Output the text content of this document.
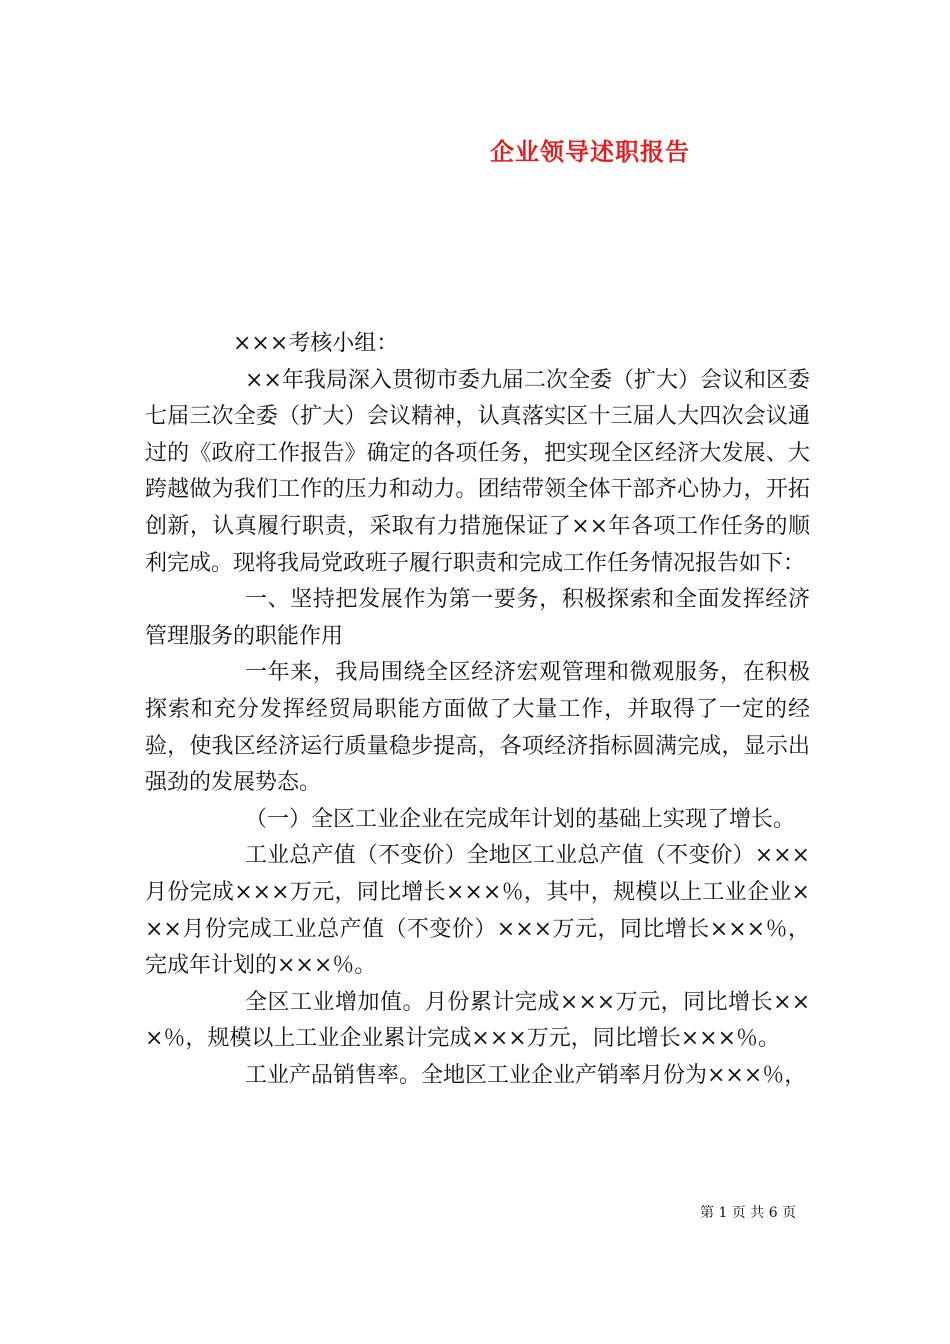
企业领导述职报告

×××考核小组：

××年我局深入贯彻市委九届二次全委（扩大）会议和区委七届三次全委（扩大）会议精神，认真落实区十三届人大四次会议通过的《政府工作报告》确定的各项任务，把实现全区经济大发展、大跨越做为我们工作的压力和动力。团结带领全体干部齐心协力，开拓创新，认真履行职责，采取有力措施保证了××年各项工作任务的顺利完成。现将我局党政班子履行职责和完成工作任务情况报告如下：

一、坚持把发展作为第一要务，积极探索和全面发挥经济管理服务的职能作用

一年来，我局围绕全区经济宏观管理和微观服务，在积极探索和充分发挥经贸局职能方面做了大量工作，并取得了一定的经验，使我区经济运行质量稳步提高，各项经济指标圆满完成，显示出强劲的发展势态。

（一）全区工业企业在完成年计划的基础上实现了增长。

工业总产值（不变价）全地区工业总产值（不变价）×××月份完成×××万元，同比增长×××％，其中，规模以上工业企业×××月份完成工业总产值（不变价）×××万元，同比增长×××％，完成年计划的×××％。

全区工业增加值。月份累计完成×××万元，同比增长×××％，规模以上工业企业累计完成×××万元，同比增长×××％。

工业产品销售率。全地区工业企业产销率月份为×××％，

第 1 页 共 6 页
